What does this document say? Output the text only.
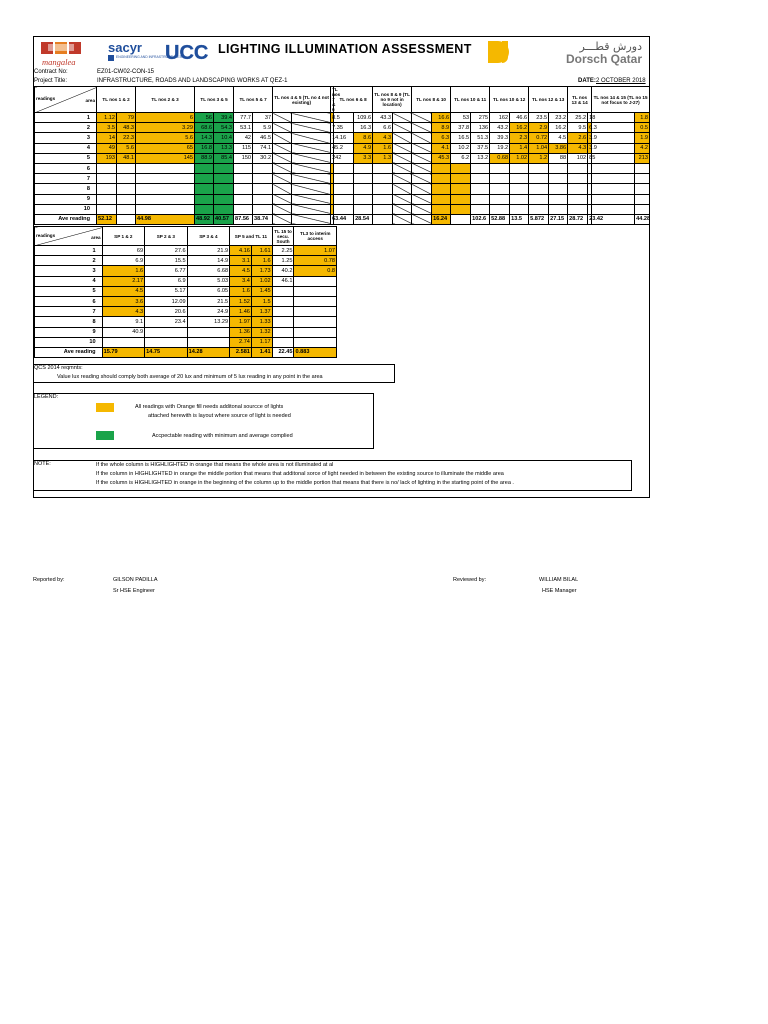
mangalea
sacyr
ENGINEERING AND INFRASTRUCTURES
UCC LIGHTING ILLUMINATION ASSESSMENT	دورش قطـــر
Dorsch Qatar
Contract No:	EZ01-CW02-CON-15
Project Title:	INFRASTRUCTURE, ROADS AND LANDSCAPING WORKS AT QEZ-1	DATE: 2 OCTOBER 2018
readings area	TL nos 1 & 2		TL nos 2 & 3	TL nos 3 & 5		TL nos 5 & 7		TL nos 4 & 5 (TL no 4 not existing)		TL nos 7 & 6	TL nos 6 & 8		TL nos 8 & 9 (TL no 9 not in location)		TL nos 8 & 10		TL nos 10 & 11		TL nos 10 & 12		TL nos 12 & 13		TL nos 13 & 14		TL nos 14 & 15 (TL no 15 not focus to J-27)	
1	1.12	79	6	56	39.4	77.7	37			8.5		109.6	43.3			16.6	53	275	162	46.6	23.5	23.2	25.2	18		1.8
2	3.5	48.3	3.29	68.6	54.3	53.1	5.9			7.35		16.3	6.6			8.9	37.8	136	43.2	16.2	2.9	16.2	9.5	6.3		0.5
3	14	22.3	5.6	14.3	10.4	42	46.5			14.16		8.6	4.3			6.3	16.5	51.3	39.3	2.3	0.72	4.5	2.6	3.9		1.9
4	49	5.6	65	16.8	13.3	115	74.1			45.2		4.9	1.6			4.1	10.2	37.5	19.2	1.4	1.04	3.86	4.3	3.9		4.2
5	193	48.1	145	88.9	85.4	150	30.2			242		3.3	1.3			45.3	6.2	13.2	0.68	1.02	1.2	88	102	85		213
6																										
7																										
8																										
9																										
10																										
Ave reading	52.12		44.98	48.92	40.57	87.56	38.74			63.44		28.54				16.24		102.6	52.88	13.5	5.872	27.15	28.72	23.42		44.28
readings area	SP 1 & 2	SP 2 & 3	SP 3 & 4	SP 5 and TL 11		TL 15 to secu. South	TL3 to interim access
1	69	27.6	21.9	4.16	1.61	2.25	1.07
2	6.9	15.5	14.9	3.1	1.6	1.25	0.78
3	1.6	6.77	6.68	4.5	1.73	40.2	0.8
4	2.17	6.9	5.03	3.4	1.02	46.1	
5	4.5	5.17	6.05	1.6	1.45		
6	3.6	12.09	21.5	1.52	1.5		
7	4.3	20.6	24.9	1.46	1.37		
8	9.1	23.4	13.29	1.97	1.33		
9	40.9			1.36	1.32		
10				2.74	1.17		
Ave reading	15.79	14.75	14.28	2.581	1.41	22.45	0.883
QCS 2014 reqmnts:
Value lux reading should comply both average of 20 lux and minimum of 5 lux reading in any point in the area
LEGEND:
All readings with Orange fill needs additonal sourcce of lights
attached herewith is layout where source of light is needed
Accpectable reading with minimum and average complied
NOTE:	If the whole column is HIGHLIGHTED in orange that means the whole area is not illuminated at al
If the column in HIGHLIGHTED in orange the middle portion that means that additonal sorce of light needed in between the existing source to illuminate the middle area
If the column is HIGHLIGHTED in orange in the beginning of the column up to the middle portion that means that there is no/ lack of lighting in the starting point of the area .
Reported by:	GILSON PADILLA
Sr HSE Engineer
Reviewed by:	WILLIAM BILAL
HSE Manager
